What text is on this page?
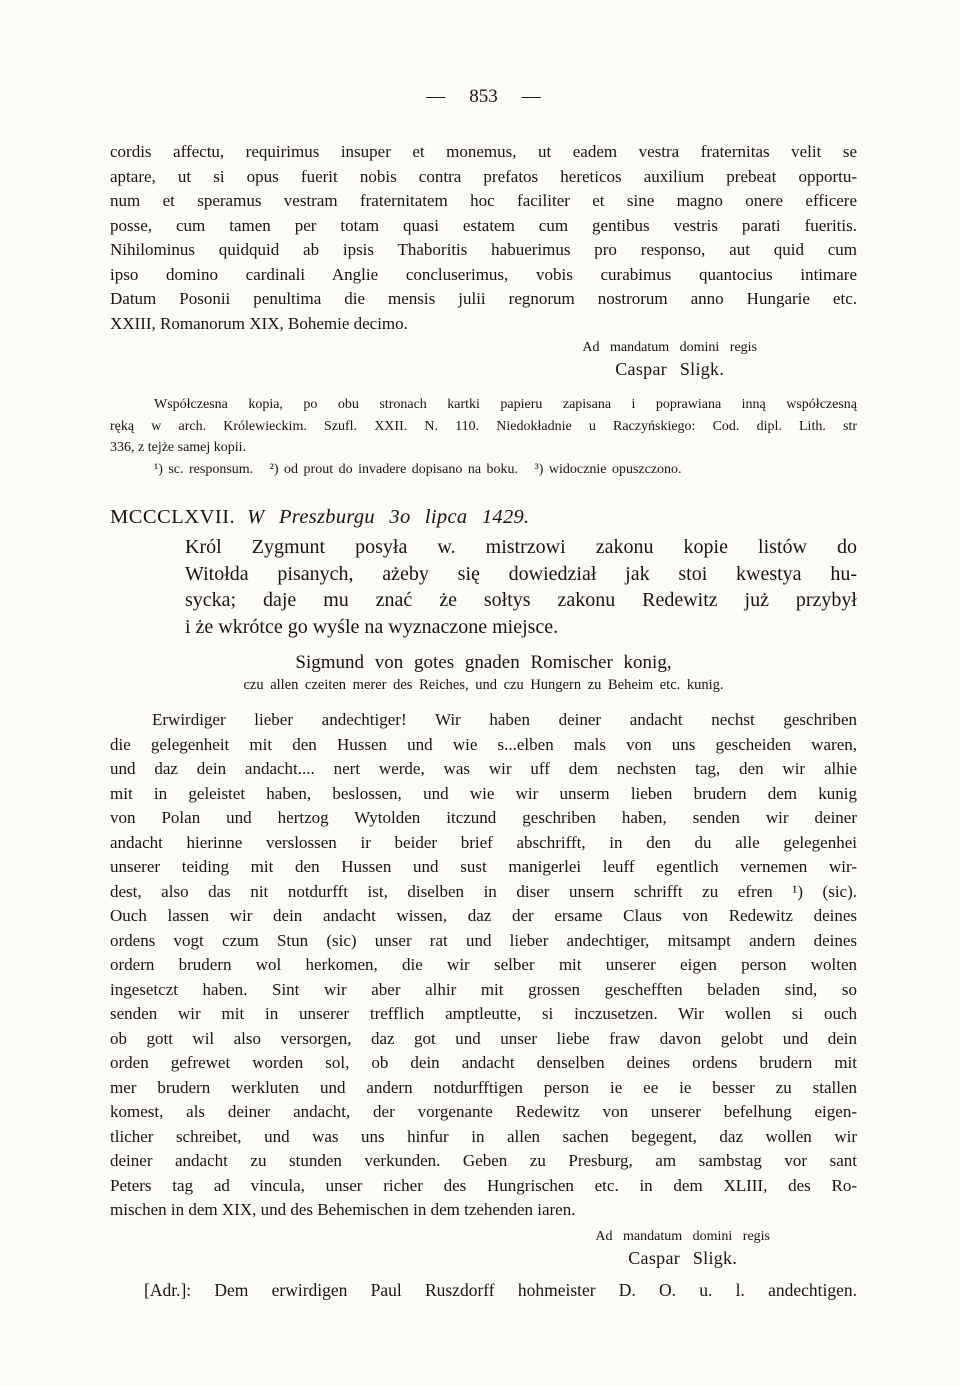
— 853 —
cordis affectu, requirimus insuper et monemus, ut eadem vestra fraternitas velit se
aptare, ut si opus fuerit nobis contra prefatos hereticos auxilium prebeat opportu-
num et speramus vestram fraternitatem hoc faciliter et sine magno onere efficere
posse, cum tamen per totam quasi estatem cum gentibus vestris parati fueritis.
Nihilominus quidquid ab ipsis Thaboritis habuerimus pro responso, aut quid cum
ipso domino cardinali Anglie concluserimus, vobis curabimus quantocius intimare
Datum Posonii penultima die mensis julii regnorum nostrorum anno Hungarie etc.
XXIII, Romanorum XIX, Bohemie decimo.
Ad mandatum domini regis
Caspar Sligk.
Współczesna kopia, po obu stronach kartki papieru zapisana i poprawiana inną współczesną
ręką w arch. Królewieckim. Szufl. XXII. N. 110. Niedokładnie u Raczyńskiego: Cod. dipl. Lith. str
336, z tejże samej kopii.
¹) sc. responsum.   ²) od prout do invadere dopisano na boku.   ³) widocznie opuszczono.
MCCCLXVII. W Preszburgu 3o lipca 1429.
Król Zygmunt posyła w. mistrzowi zakonu kopie listów do
Witołda pisanych, ażeby się dowiedział jak stoi kwestya hu-
sycka; daje mu znać że sołtys zakonu Redewitz już przybył
i że wkrótce go wyśle na wyznaczone miejsce.
Sigmund von gotes gnaden Romischer konig,
czu allen czeiten merer des Reiches, und czu Hungern zu Beheim etc. kunig.
Erwirdiger lieber andechtiger! Wir haben deiner andacht nechst geschriben
die gelegenheit mit den Hussen und wie s...elben mals von uns gescheiden waren,
und daz dein andacht.... nert werde, was wir uff dem nechsten tag, den wir alhie
mit in geleistet haben, beslossen, und wie wir unserm lieben brudern dem kunig
von Polan und hertzog Wytolden itczund geschriben haben, senden wir deiner
andacht hierinne verslossen ir beider brief abschrifft, in den du alle gelegenhei
unserer teiding mit den Hussen und sust manigerlei leuff egentlich vernemen wir-
dest, also das nit notdurfft ist, diselben in diser unsern schrifft zu efren ¹) (sic).
Ouch lassen wir dein andacht wissen, daz der ersame Claus von Redewitz deines
ordens vogt czum Stun (sic) unser rat und lieber andechtiger, mitsampt andern deines
ordern brudern wol herkomen, die wir selber mit unserer eigen person wolten
ingesetczt haben. Sint wir aber alhir mit grossen geschefften beladen sind, so
senden wir mit in unserer trefflich amptleutte, si inczusetzen. Wir wollen si ouch
ob gott wil also versorgen, daz got und unser liebe fraw davon gelobt und dein
orden gefrewet worden sol, ob dein andacht denselben deines ordens brudern mit
mer brudern werkluten und andern notdurfftigen person ie ee ie besser zu stallen
komest, als deiner andacht, der vorgenante Redewitz von unserer befelhung eigen-
tlicher schreibet, und was uns hinfur in allen sachen begegent, daz wollen wir
deiner andacht zu stunden verkunden. Geben zu Presburg, am sambstag vor sant
Peters tag ad vincula, unser richer des Hungrischen etc. in dem XLIII, des Ro-
mischen in dem XIX, und des Behemischen in dem tzehenden iaren.
Ad mandatum domini regis
Caspar Sligk.
[Adr.]: Dem erwirdigen Paul Ruszdorff hohmeister D. O. u. l. andechtigen.
